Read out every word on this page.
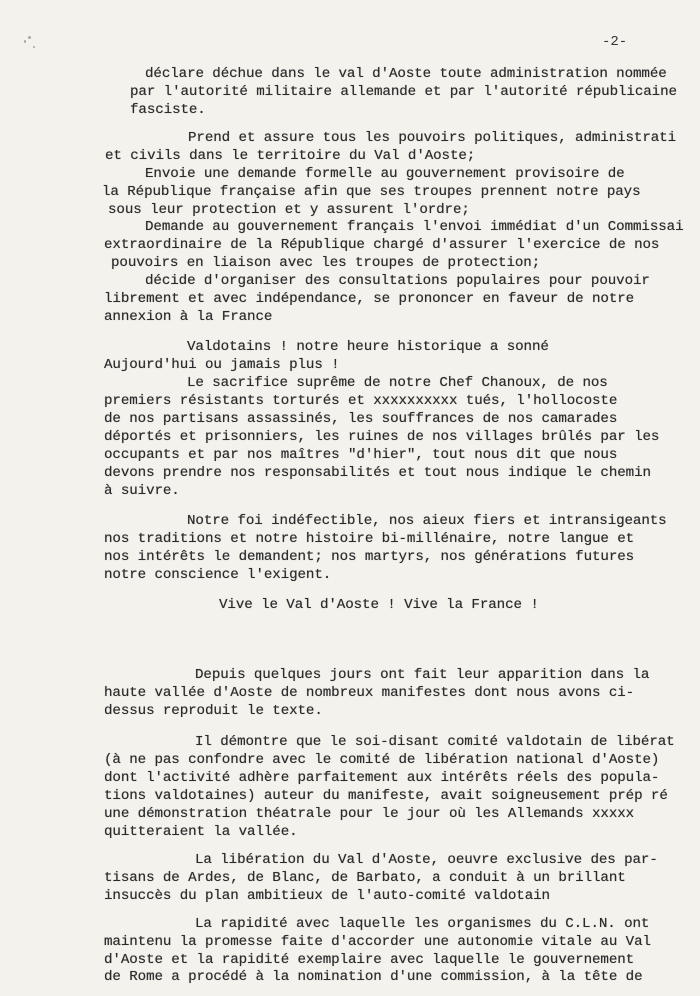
-2-
déclare déchue dans le val d'Aoste toute administration nommée
par l'autorité militaire allemande et par l'autorité républicaine
fasciste.
Prend et assure tous les pouvoirs politiques, administrati
et civils dans le territoire du Val d'Aoste;
Envoie une demande formelle au gouvernement provisoire de
la République française afin que ses troupes prennent notre pays
sous leur protection et y assurent l'ordre;
Demande au gouvernement français l'envoi immédiat d'un Commissai
extraordinaire de la République chargé d'assurer l'exercice de nos
pouvoirs en liaison avec les troupes de protection;
décide d'organiser des consultations populaires pour pouvoir
librement et avec indépendance, se prononcer en faveur de notre
annexion à la France
Valdotains ! notre heure historique a sonné
Aujourd'hui ou jamais plus !
Le sacrifice suprême de notre Chef Chanoux, de nos
premiers résistants torturés et xxxxxxxxxx tués, l'hollocoste
de nos partisans assassinés, les souffrances de nos camarades
déportés et prisonniers, les ruines de nos villages brûlés par les
occupants et par nos maîtres "d'hier", tout nous dit que nous
devons prendre nos responsabilités et tout nous indique le chemin
à suivre.
Notre foi indéfectible, nos aieux fiers et intransigeants
nos traditions et notre histoire bi-millénaire, notre langue et
nos intérêts le demandent; nos martyrs, nos générations futures
notre conscience l'exigent.
Vive le Val d'Aoste ! Vive la France !
Depuis quelques jours ont fait leur apparition dans la
haute vallée d'Aoste de nombreux manifestes dont nous avons ci-
dessus reproduit le texte.
Il démontre que le soi-disant comité valdotain de libérat
(à ne pas confondre avec le comité de libération national d'Aoste)
dont l'activité adhère parfaitement aux intérêts réels des popula-
tions valdotaines) auteur du manifeste, avait soigneusement prép ré
une démonstration théatrale pour le jour où les Allemands xxxxx
quitteraient la vallée.
La libération du Val d'Aoste, oeuvre exclusive des par-
tisans de Ardes, de Blanc, de Barbato, a conduit à un brillant
insuccès du plan ambitieux de l'auto-comité valdotain
La rapidité avec laquelle les organismes du C.L.N. ont
maintenu la promesse faite d'accorder une autonomie vitale au Val
d'Aoste et la rapidité exemplaire avec laquelle le gouvernement
de Rome a procédé à la nomination d'une commission, à la tête de
